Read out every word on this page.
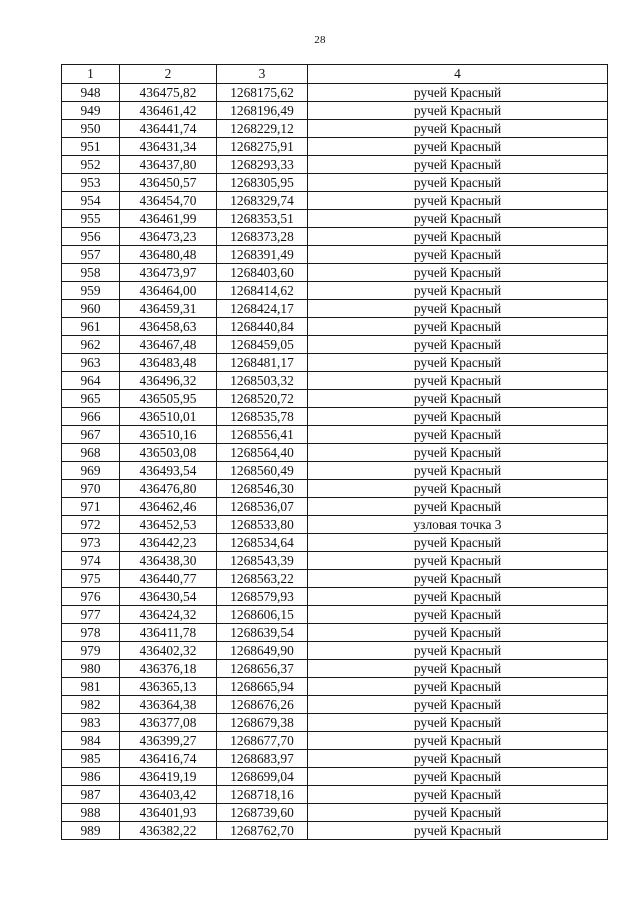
28
1	2	3	4
948	436475,82	1268175,62	ручей Красный
949	436461,42	1268196,49	ручей Красный
950	436441,74	1268229,12	ручей Красный
951	436431,34	1268275,91	ручей Красный
952	436437,80	1268293,33	ручей Красный
953	436450,57	1268305,95	ручей Красный
954	436454,70	1268329,74	ручей Красный
955	436461,99	1268353,51	ручей Красный
956	436473,23	1268373,28	ручей Красный
957	436480,48	1268391,49	ручей Красный
958	436473,97	1268403,60	ручей Красный
959	436464,00	1268414,62	ручей Красный
960	436459,31	1268424,17	ручей Красный
961	436458,63	1268440,84	ручей Красный
962	436467,48	1268459,05	ручей Красный
963	436483,48	1268481,17	ручей Красный
964	436496,32	1268503,32	ручей Красный
965	436505,95	1268520,72	ручей Красный
966	436510,01	1268535,78	ручей Красный
967	436510,16	1268556,41	ручей Красный
968	436503,08	1268564,40	ручей Красный
969	436493,54	1268560,49	ручей Красный
970	436476,80	1268546,30	ручей Красный
971	436462,46	1268536,07	ручей Красный
972	436452,53	1268533,80	узловая точка 3
973	436442,23	1268534,64	ручей Красный
974	436438,30	1268543,39	ручей Красный
975	436440,77	1268563,22	ручей Красный
976	436430,54	1268579,93	ручей Красный
977	436424,32	1268606,15	ручей Красный
978	436411,78	1268639,54	ручей Красный
979	436402,32	1268649,90	ручей Красный
980	436376,18	1268656,37	ручей Красный
981	436365,13	1268665,94	ручей Красный
982	436364,38	1268676,26	ручей Красный
983	436377,08	1268679,38	ручей Красный
984	436399,27	1268677,70	ручей Красный
985	436416,74	1268683,97	ручей Красный
986	436419,19	1268699,04	ручей Красный
987	436403,42	1268718,16	ручей Красный
988	436401,93	1268739,60	ручей Красный
989	436382,22	1268762,70	ручей Красный
